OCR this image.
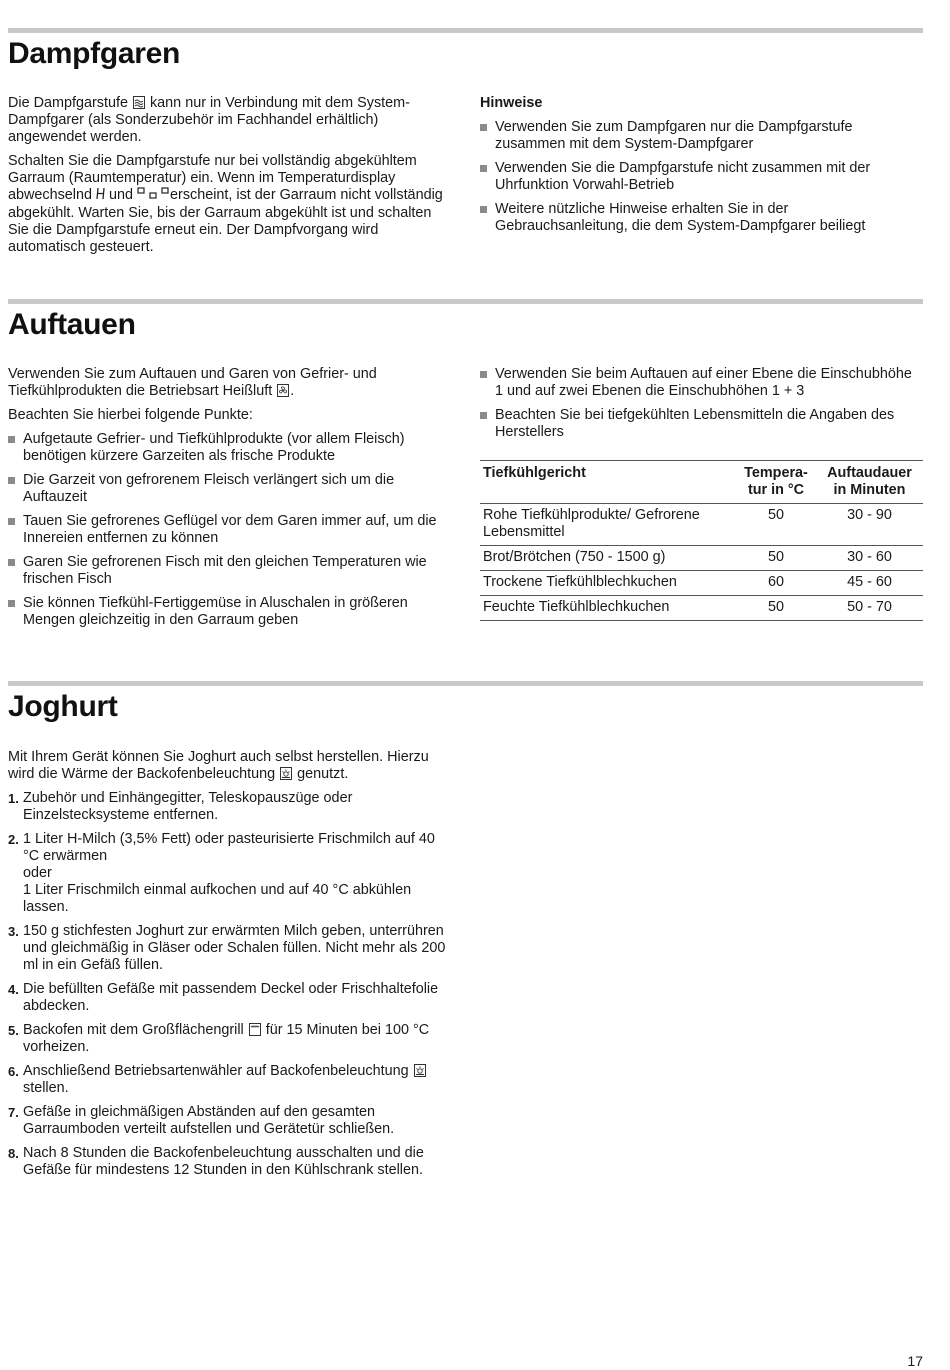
Dampfgaren

Die Dampfgarstufe kann nur in Verbindung mit dem System-Dampfgarer (als Sonderzubehör im Fachhandel erhältlich) angewendet werden.

Schalten Sie die Dampfgarstufe nur bei vollständig abgekühltem Garraum (Raumtemperatur) ein. Wenn im Temperaturdisplay abwechselnd und	erscheint, ist der Garraum nicht vollständig abgekühlt. Warten Sie, bis der Garraum abgekühlt ist und schalten Sie die Dampfgarstufe erneut ein. Der Dampfvorgang wird automatisch gesteuert.

Hinweise

Verwenden Sie zum Dampfgaren nur die Dampfgarstufe zusammen mit dem System-Dampfgarer
Verwenden Sie die Dampfgarstufe nicht zusammen mit der Uhrfunktion Vorwahl-Betrieb
Weitere nützliche Hinweise erhalten Sie in der Gebrauchsanleitung, die dem System-Dampfgarer beiliegt
Auftauen

Verwenden Sie zum Auftauen und Garen von Gefrier- und Tiefkühlprodukten die Betriebsart Heißluft .

Beachten Sie hierbei folgende Punkte:

Aufgetaute Gefrier- und Tiefkühlprodukte (vor allem Fleisch) benötigen kürzere Garzeiten als frische Produkte
Die Garzeit von gefrorenem Fleisch verlängert sich um die Auftauzeit
Tauen Sie gefrorenes Geflügel vor dem Garen immer auf, um die Innereien entfernen zu können
Garen Sie gefrorenen Fisch mit den gleichen Temperaturen wie frischen Fisch
Sie können Tiefkühl-Fertiggemüse in Aluschalen in größeren Mengen gleichzeitig in den Garraum geben
Verwenden Sie beim Auftauen auf einer Ebene die Einschubhöhe 1 und auf zwei Ebenen die Einschubhöhen 1 + 3
Beachten Sie bei tiefgekühlten Lebensmitteln die Angaben des Herstellers
Tiefkühlgericht	Tempera-
tur in °C	Auftaudauer
in Minuten
Rohe Tiefkühlprodukte/ Gefrorene Lebensmittel	50	30 - 90
Brot/Brötchen (750 - 1500 g)	50	30 - 60
Trockene Tiefkühlblechkuchen	60	45 - 60
Feuchte Tiefkühlblechkuchen	50	50 - 70
Joghurt

Mit Ihrem Gerät können Sie Joghurt auch selbst herstellen. Hierzu wird die Wärme der Backofenbeleuchtung genutzt.

1. Zubehör und Einhängegitter, Teleskopauszüge oder Einzelstecksysteme entfernen.
2. 1 Liter H-Milch (3,5% Fett) oder pasteurisierte Frischmilch auf 40 °C erwärmen
oder
1 Liter Frischmilch einmal aufkochen und auf 40 °C abkühlen lassen.
3. 150 g stichfesten Joghurt zur erwärmten Milch geben, unterrühren und gleichmäßig in Gläser oder Schalen füllen. Nicht mehr als 200 ml in ein Gefäß füllen.
4. Die befüllten Gefäße mit passendem Deckel oder Frischhaltefolie abdecken.
5. Backofen mit dem Großflächengrill für 15 Minuten bei 100 °C vorheizen.
6. Anschließend Betriebsartenwähler auf Backofenbeleuchtung
stellen.
7. Gefäße in gleichmäßigen Abständen auf den gesamten Garraumboden verteilt aufstellen und Gerätetür schließen.
8. Nach 8 Stunden die Backofenbeleuchtung ausschalten und die Gefäße für mindestens 12 Stunden in den Kühlschrank stellen.
17
